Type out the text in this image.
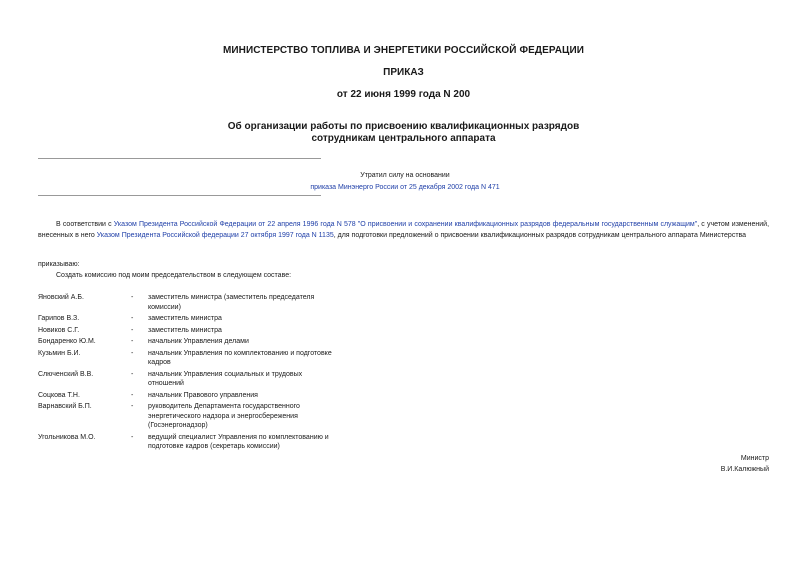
МИНИСТЕРСТВО ТОПЛИВА И ЭНЕРГЕТИКИ РОССИЙСКОЙ ФЕДЕРАЦИИ
ПРИКАЗ
от 22 июня 1999 года N 200
Об организации работы по присвоению квалификационных разрядов
сотрудникам центрального аппарата
Утратил силу на основании
приказа Минэнерго России от 25 декабря 2002 года N 471
В соответствии с Указом Президента Российской Федерации от 22 апреля 1996 года N 578 "О присвоении и сохранении квалификационных разрядов федеральным государственным служащим", с учетом изменений, внесенных в него Указом Президента Российской федерации 27 октября 1997 года N 1135, для подготовки предложений о присвоении квалификационных разрядов сотрудникам центрального аппарата Министерства
приказываю:
Создать комиссию под моим председательством в следующем составе:
Яновский А.Б.	-	заместитель министра (заместитель председателя комиссии)
Гарипов В.З.	-	заместитель министра
Новиков С.Г.	-	заместитель министра
Бондаренко Ю.М.	-	начальник Управления делами
Кузьмин Б.И.	-	начальник Управления по комплектованию и подготовке кадров
Слюченский В.В.	-	начальник Управления социальных и трудовых отношений
Соцкова Т.Н.	-	начальник Правового управления
Варнавский Б.П.	-	руководитель Департамента государственного энергетического надзора и энергосбережения (Госэнергонадзор)
Угольникова М.О.	-	ведущий специалист Управления по комплектованию и подготовке кадров (секретарь комиссии)
Министр
В.И.Калюжный
